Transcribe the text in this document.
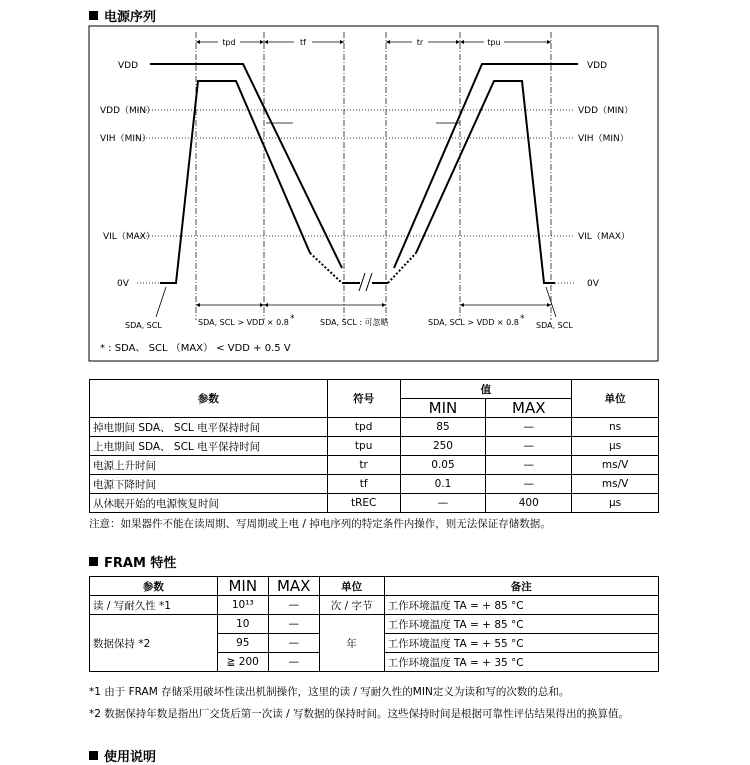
电源序列

tpd	tf	tr	tpu
VDD
VDD（MIN）
VIH（MIN）
VIL（MAX）
0V
VDD
VDD（MIN）
VIH（MIN）
VIL（MAX）
0V
SDA, SCL	SDA, SCL > VDD × 0.8 *	SDA, SCL : 可忽略	SDA, SCL > VDD × 0.8 *
SDA, SCL
* : SDA、 SCL （MAX） < VDD + 0.5 V
参数	符号	值		单位
		MIN	MAX	
掉电期间 SDA、 SCL 电平保持时间	tpd	85	—	ns
上电期间 SDA、 SCL 电平保持时间	tpu	250	—	µs
电源上升时间	tr	0.05	—	ms/V
电源下降时间	tf	0.1	—	ms/V
从休眠开始的电源恢复时间	tREC	—	400	µs

注意：如果器件不能在读周期、写周期或上电 / 掉电序列的特定条件内操作，则无法保证存储数据。

FRAM 特性

参数	MIN	MAX	单位	备注
读 / 写耐久性 *1	10¹³	—	次 / 字节	工作环境温度 TA = + 85 °C
数据保持 *2	10	—	年	工作环境温度 TA = + 85 °C
	95	—		工作环境温度 TA = + 55 °C
	≧ 200	—		工作环境温度 TA = + 35 °C

*1 由于 FRAM 存储采用破坏性读出机制操作，这里的读 / 写耐久性的MIN定义为读和写的次数的总和。

*2 数据保持年数是指出厂交货后第一次读 / 写数据的保持时间。这些保持时间是根据可靠性评估结果得出的换算值。

使用说明
